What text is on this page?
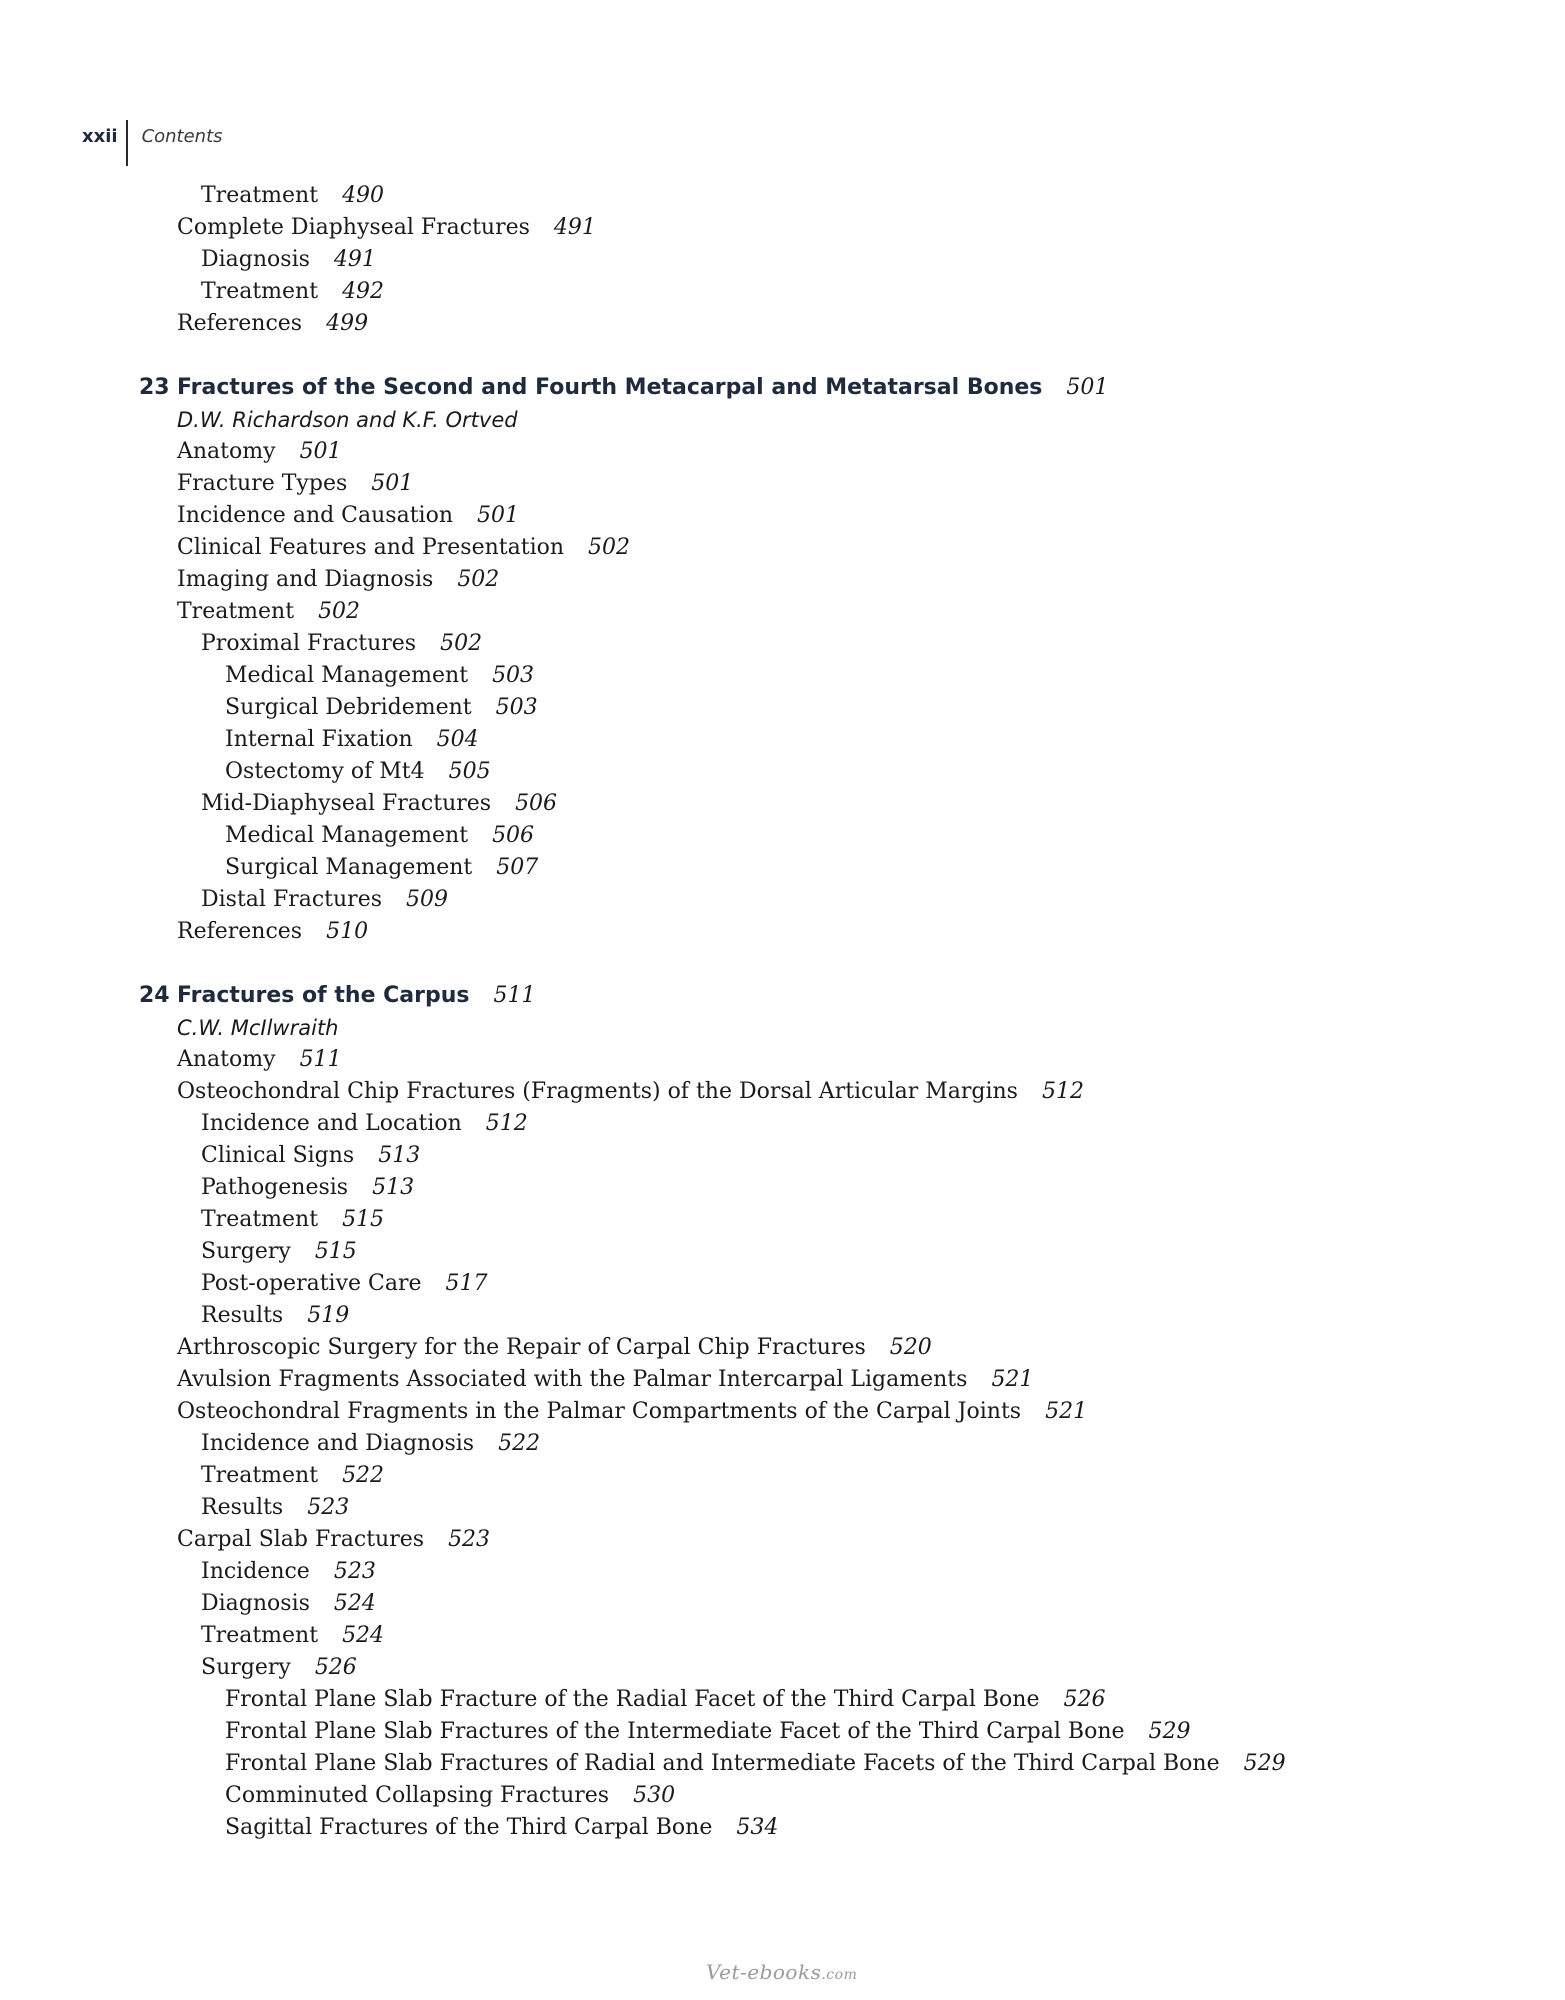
xxii	Contents
Treatment 490
Complete Diaphyseal Fractures 491
Diagnosis 491
Treatment 492
References 499
23 Fractures of the Second and Fourth Metacarpal and Metatarsal Bones 501
D.W. Richardson and K.F. Ortved
Anatomy 501
Fracture Types 501
Incidence and Causation 501
Clinical Features and Presentation 502
Imaging and Diagnosis 502
Treatment 502
Proximal Fractures 502
Medical Management 503
Surgical Debridement 503
Internal Fixation 504
Ostectomy of Mt4 505
Mid-Diaphyseal Fractures 506
Medical Management 506
Surgical Management 507
Distal Fractures 509
References 510
24 Fractures of the Carpus 511
C.W. McIlwraith
Anatomy 511
Osteochondral Chip Fractures (Fragments) of the Dorsal Articular Margins 512
Incidence and Location 512
Clinical Signs 513
Pathogenesis 513
Treatment 515
Surgery 515
Post-operative Care 517
Results 519
Arthroscopic Surgery for the Repair of Carpal Chip Fractures 520
Avulsion Fragments Associated with the Palmar Intercarpal Ligaments 521
Osteochondral Fragments in the Palmar Compartments of the Carpal Joints 521
Incidence and Diagnosis 522
Treatment 522
Results 523
Carpal Slab Fractures 523
Incidence 523
Diagnosis 524
Treatment 524
Surgery 526
Frontal Plane Slab Fracture of the Radial Facet of the Third Carpal Bone 526
Frontal Plane Slab Fractures of the Intermediate Facet of the Third Carpal Bone 529
Frontal Plane Slab Fractures of Radial and Intermediate Facets of the Third Carpal Bone 529
Comminuted Collapsing Fractures 530
Sagittal Fractures of the Third Carpal Bone 534
Vet-ebooks.com
